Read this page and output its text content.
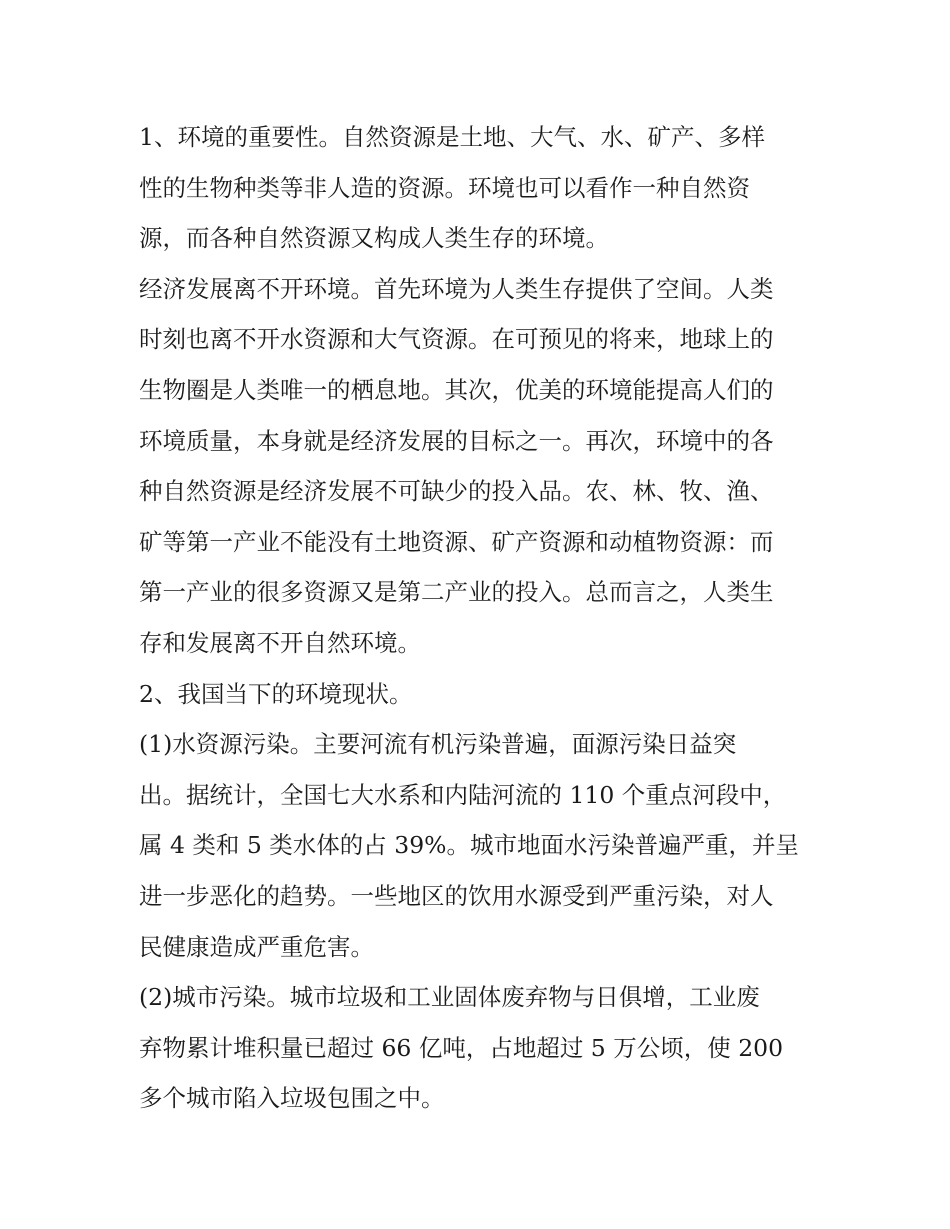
1、环境的重要性。自然资源是土地、大气、水、矿产、多样
性的生物种类等非人造的资源。环境也可以看作一种自然资
源，而各种自然资源又构成人类生存的环境。
经济发展离不开环境。首先环境为人类生存提供了空间。人类
时刻也离不开水资源和大气资源。在可预见的将来，地球上的
生物圈是人类唯一的栖息地。其次，优美的环境能提高人们的
环境质量，本身就是经济发展的目标之一。再次，环境中的各
种自然资源是经济发展不可缺少的投入品。农、林、牧、渔、
矿等第一产业不能没有土地资源、矿产资源和动植物资源：而
第一产业的很多资源又是第二产业的投入。总而言之，人类生
存和发展离不开自然环境。
2、我国当下的环境现状。
(1)水资源污染。主要河流有机污染普遍，面源污染日益突
出。据统计，全国七大水系和内陆河流的 110 个重点河段中，
属 4 类和 5 类水体的占 39%。城市地面水污染普遍严重，并呈
进一步恶化的趋势。一些地区的饮用水源受到严重污染，对人
民健康造成严重危害。
(2)城市污染。城市垃圾和工业固体废弃物与日俱增，工业废
弃物累计堆积量已超过 66 亿吨，占地超过 5 万公顷，使 200
多个城市陷入垃圾包围之中。
